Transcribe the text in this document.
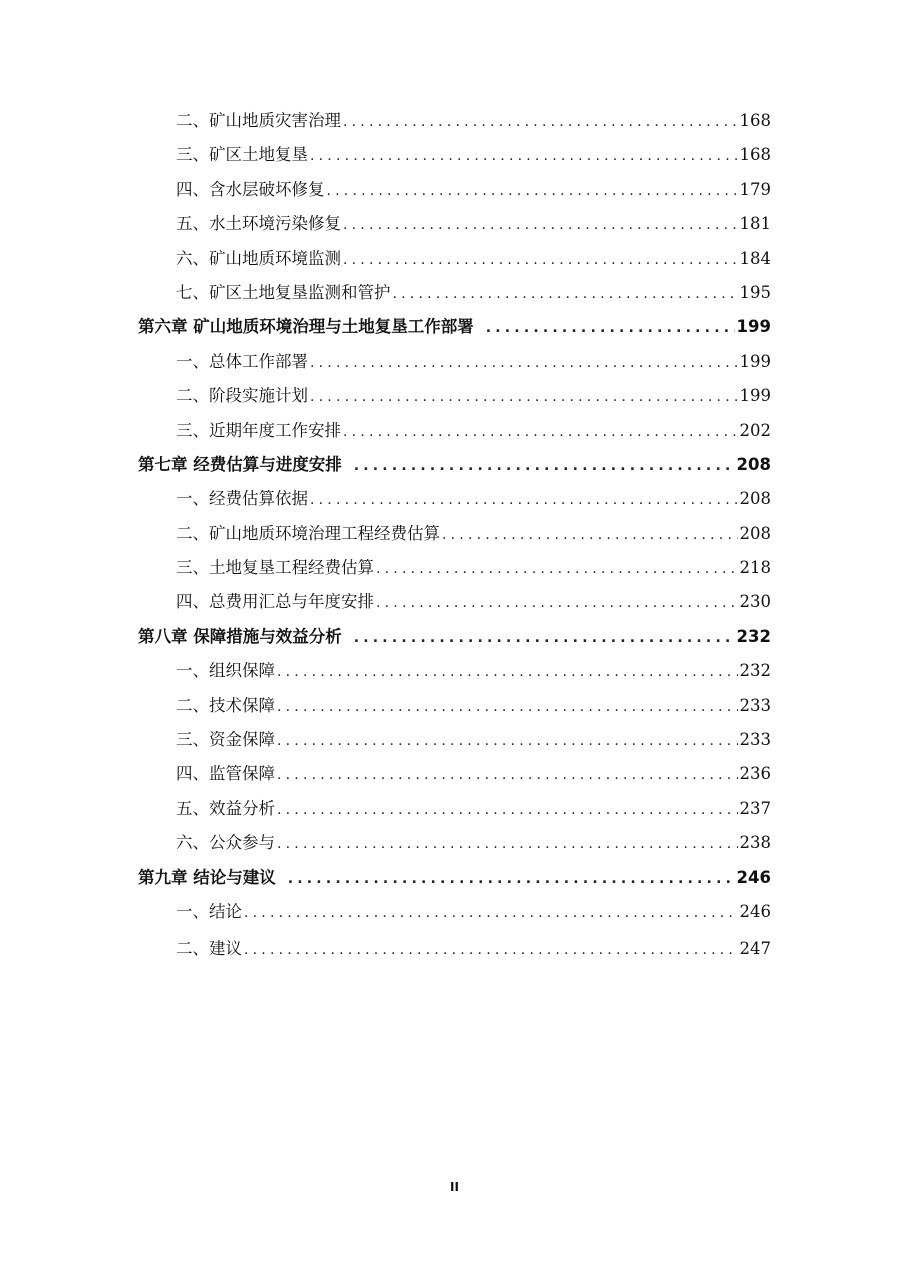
二、矿山地质灾害治理 .....	168
三、矿区土地复垦 .....	168
四、含水层破坏修复 .....	179
五、水土环境污染修复 .....	181
六、矿山地质环境监测 .....	184
七、矿区土地复垦监测和管护 .....	195
第六章 矿山地质环境治理与土地复垦工作部署 .....	199
一、总体工作部署 .....	199
二、阶段实施计划 .....	199
三、近期年度工作安排 .....	202
第七章 经费估算与进度安排 .....	208
一、经费估算依据 .....	208
二、矿山地质环境治理工程经费估算 .....	208
三、土地复垦工程经费估算 .....	218
四、总费用汇总与年度安排 .....	230
第八章 保障措施与效益分析 .....	232
一、组织保障 .....	232
二、技术保障 .....	233
三、资金保障 .....	233
四、监管保障 .....	236
五、效益分析 .....	237
六、公众参与 .....	238
第九章 结论与建议 .....	246
一、结论 .....	246
二、建议 .....	247
II
